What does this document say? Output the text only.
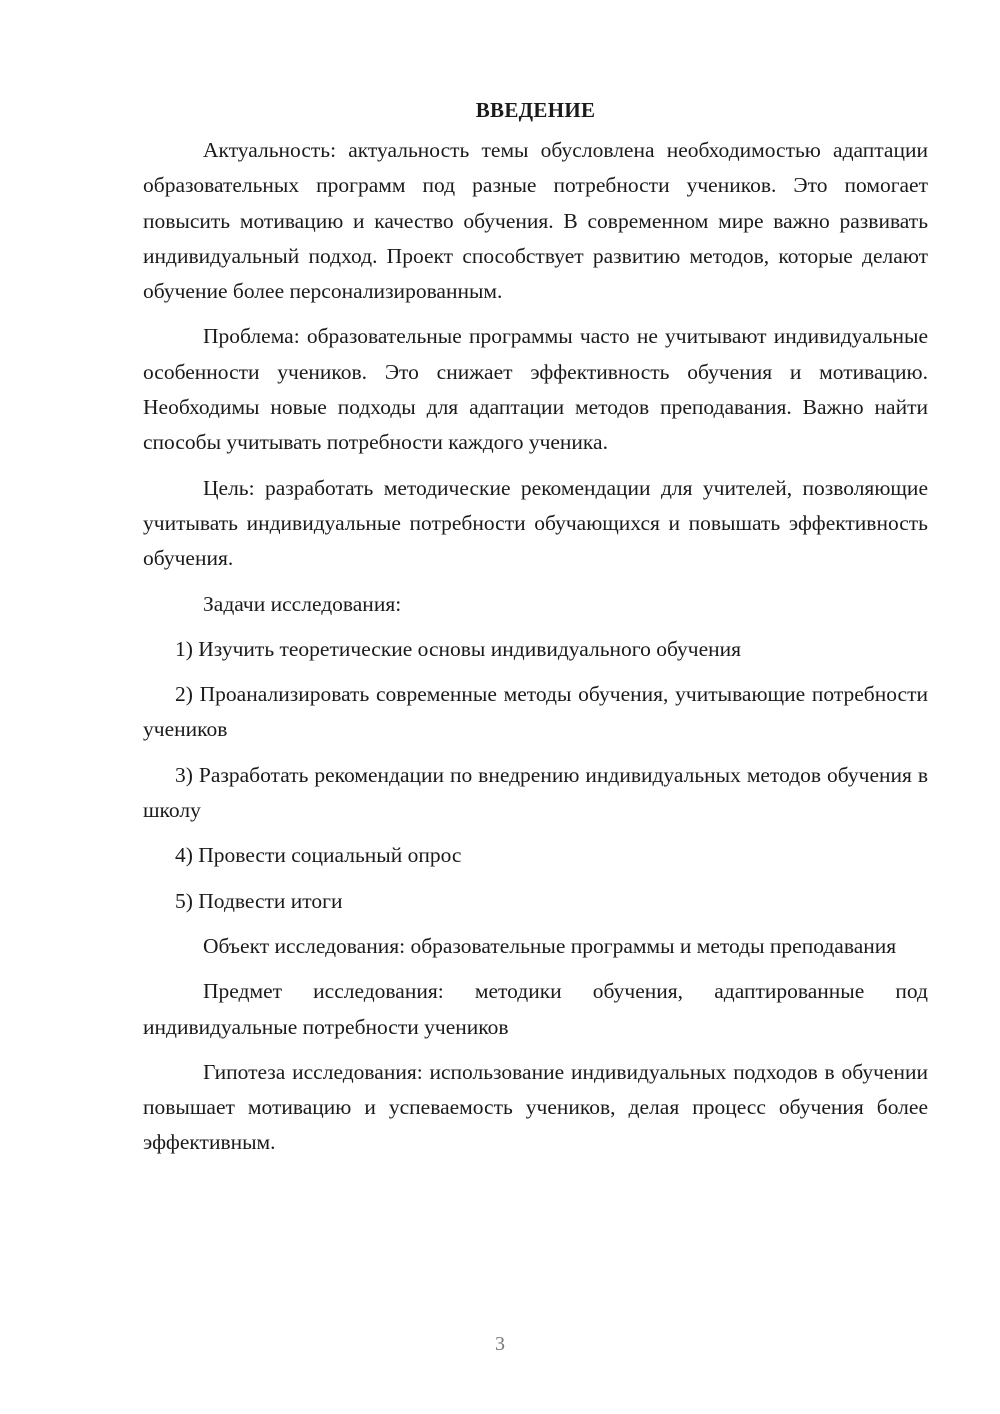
ВВЕДЕНИЕ

Актуальность: актуальность темы обусловлена необходимостью адаптации образовательных программ под разные потребности учеников. Это помогает повысить мотивацию и качество обучения. В современном мире важно развивать индивидуальный подход. Проект способствует развитию методов, которые делают обучение более персонализированным.

Проблема: образовательные программы часто не учитывают индивидуальные особенности учеников. Это снижает эффективность обучения и мотивацию. Необходимы новые подходы для адаптации методов преподавания. Важно найти способы учитывать потребности каждого ученика.

Цель: разработать методические рекомендации для учителей, позволяющие учитывать индивидуальные потребности обучающихся и повышать эффективность обучения.

Задачи исследования:

1) Изучить теоретические основы индивидуального обучения

2) Проанализировать современные методы обучения, учитывающие потребности учеников

3) Разработать рекомендации по внедрению индивидуальных методов обучения в школу

4) Провести социальный опрос

5) Подвести итоги

Объект исследования: образовательные программы и методы преподавания

Предмет исследования: методики обучения, адаптированные под индивидуальные потребности учеников

Гипотеза исследования: использование индивидуальных подходов в обучении повышает мотивацию и успеваемость учеников, делая процесс обучения более эффективным.

3
